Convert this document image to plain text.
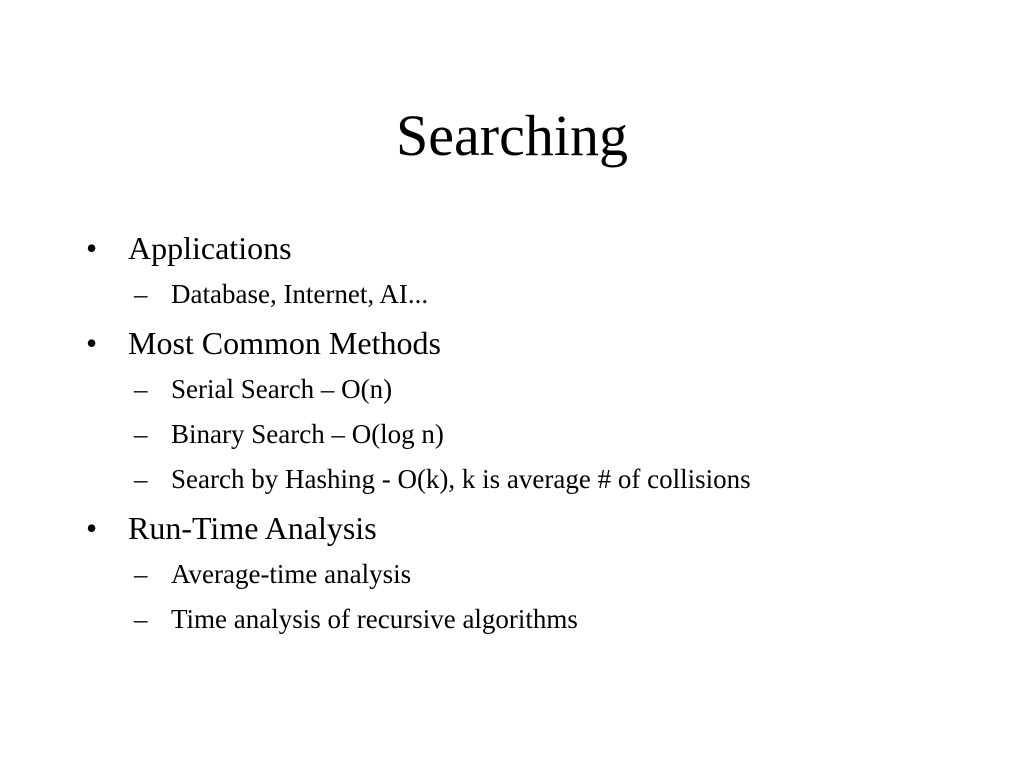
Searching
• Applications
– Database, Internet, AI...
• Most Common Methods
– Serial Search – O(n)
– Binary Search – O(log n)
– Search by Hashing - O(k), k is average # of collisions
• Run-Time Analysis
– Average-time analysis
– Time analysis of recursive algorithms
